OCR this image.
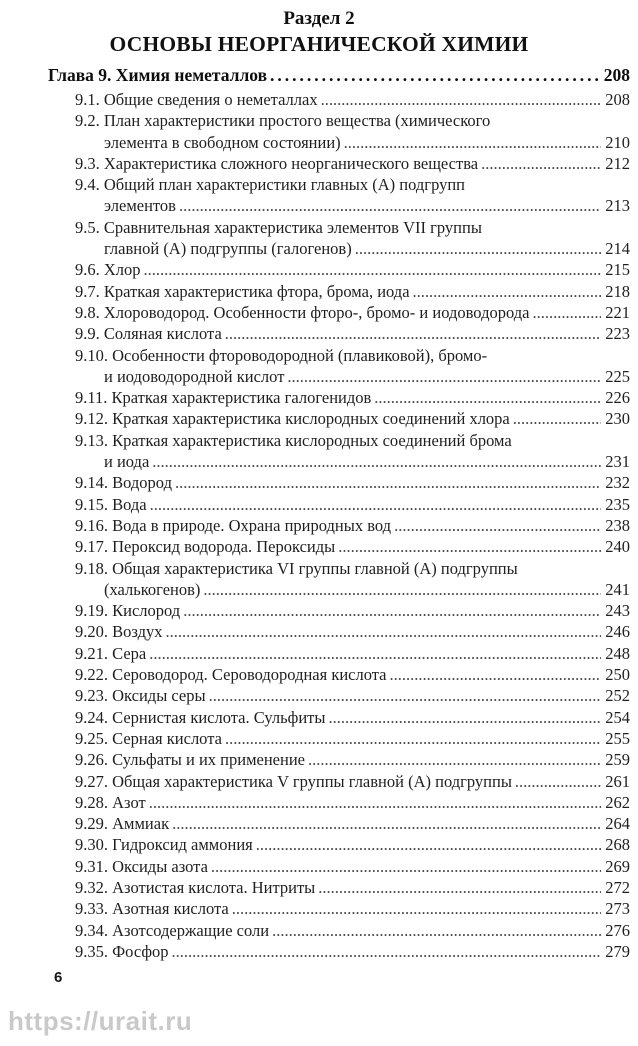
Раздел 2
ОСНОВЫ НЕОРГАНИЧЕСКОЙ ХИМИИ
Глава 9. Химия неметаллов .....	208
9.1. Общие сведения о неметаллах .....	208
9.2. План характеристики простого вещества (химического
элемента в свободном состоянии) .....	210
9.3. Характеристика сложного неорганического вещества .....	212
9.4. Общий план характеристики главных (А) подгрупп
элементов .....	213
9.5. Сравнительная характеристика элементов VII группы
главной (А) подгруппы (галогенов) .....	214
9.6. Хлор .....	215
9.7. Краткая характеристика фтора, брома, иода .....	218
9.8. Хлороводород. Особенности фторо-, бромо- и иодоводорода .....	221
9.9. Соляная кислота .....	223
9.10. Особенности фтороводородной (плавиковой), бромо-
и иодоводородной кислот .....	225
9.11. Краткая характеристика галогенидов .....	226
9.12. Краткая характеристика кислородных соединений хлора .....	230
9.13. Краткая характеристика кислородных соединений брома
и иода .....	231
9.14. Водород .....	232
9.15. Вода .....	235
9.16. Вода в природе. Охрана природных вод .....	238
9.17. Пероксид водорода. Пероксиды .....	240
9.18. Общая характеристика VI группы главной (А) подгруппы
(халькогенов) .....	241
9.19. Кислород .....	243
9.20. Воздух .....	246
9.21. Сера .....	248
9.22. Сероводород. Сероводородная кислота .....	250
9.23. Оксиды серы .....	252
9.24. Сернистая кислота. Сульфиты .....	254
9.25. Серная кислота .....	255
9.26. Сульфаты и их применение .....	259
9.27. Общая характеристика V группы главной (А) подгруппы .....	261
9.28. Азот .....	262
9.29. Аммиак .....	264
9.30. Гидроксид аммония .....	268
9.31. Оксиды азота .....	269
9.32. Азотистая кислота. Нитриты .....	272
9.33. Азотная кислота .....	273
9.34. Азотсодержащие соли .....	276
9.35. Фосфор .....	279
6
https://urait.ru
